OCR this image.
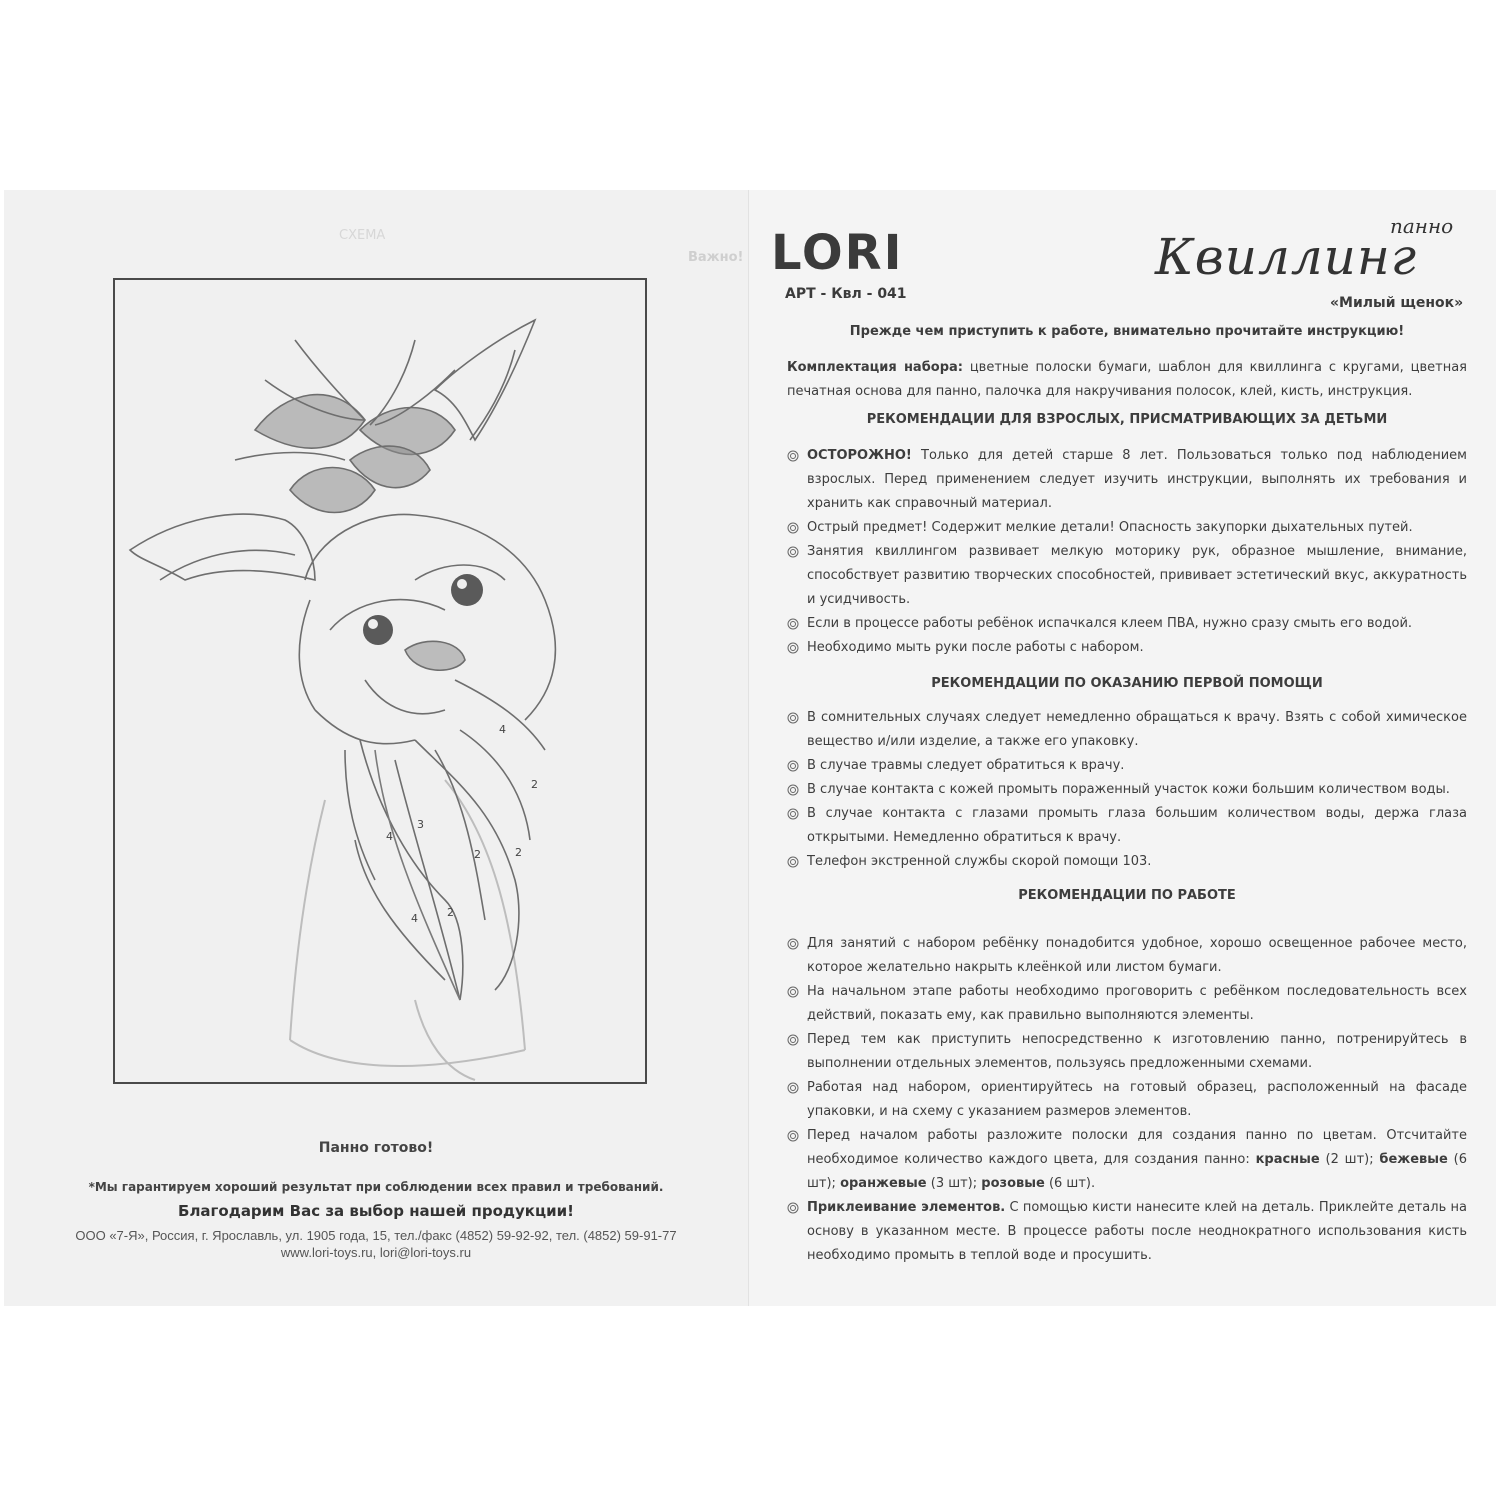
СХЕМА
Важно!
4
2
3
4
2	2
4	2
Панно готово!
*Мы гарантируем хороший результат при соблюдении всех правил и требований.
Благодарим Вас за выбор нашей продукции!
ООО «7-Я», Россия, г. Ярославль, ул. 1905 года, 15, тел./факс (4852) 59-92-92, тел. (4852) 59-91-77
www.lori-toys.ru, lori@lori-toys.ru
LORI
АРТ - Квл - 041
панно
Квиллинг
«Милый щенок»

Прежде чем приступить к работе, внимательно прочитайте инструкцию!

Комплектация набора: цветные полоски бумаги, шаблон для квиллинга с кругами, цветная печатная основа для панно, палочка для накручивания полосок, клей, кисть, инструкция.

РЕКОМЕНДАЦИИ ДЛЯ ВЗРОСЛЫХ, ПРИСМАТРИВАЮЩИХ ЗА ДЕТЬМИ

ОСТОРОЖНО! Только для детей старше 8 лет. Пользоваться только под наблюдением взрослых. Перед применением следует изучить инструкции, выполнять их требования и хранить как справочный материал.

Острый предмет! Содержит мелкие детали! Опасность закупорки дыхательных путей.

Занятия квиллингом развивает мелкую моторику рук, образное мышление, внимание, способствует развитию творческих способностей, прививает эстетический вкус, аккуратность и усидчивость.

Если в процессе работы ребёнок испачкался клеем ПВА, нужно сразу смыть его водой.

Необходимо мыть руки после работы с набором.

РЕКОМЕНДАЦИИ ПО ОКАЗАНИЮ ПЕРВОЙ ПОМОЩИ

В сомнительных случаях следует немедленно обращаться к врачу. Взять с собой химическое вещество и/или изделие, а также его упаковку.

В случае травмы следует обратиться к врачу.

В случае контакта с кожей промыть пораженный участок кожи большим количеством воды.

В случае контакта с глазами промыть глаза большим количеством воды, держа глаза открытыми. Немедленно обратиться к врачу.

Телефон экстренной службы скорой помощи 103.

РЕКОМЕНДАЦИИ ПО РАБОТЕ

Для занятий с набором ребёнку понадобится удобное, хорошо освещенное рабочее место, которое желательно накрыть клеёнкой или листом бумаги.

На начальном этапе работы необходимо проговорить с ребёнком последовательность всех действий, показать ему, как правильно выполняются элементы.

Перед тем как приступить непосредственно к изготовлению панно, потренируйтесь в выполнении отдельных элементов, пользуясь предложенными схемами.

Работая над набором, ориентируйтесь на готовый образец, расположенный на фасаде упаковки, и на схему с указанием размеров элементов.

Перед началом работы разложите полоски для создания панно по цветам. Отсчитайте необходимое количество каждого цвета, для создания панно: красные (2 шт); бежевые (6 шт); оранжевые (3 шт); розовые (6 шт).

Приклеивание элементов. С помощью кисти нанесите клей на деталь. Приклейте деталь на основу в указанном месте. В процессе работы после неоднократного использования кисть необходимо промыть в теплой воде и просушить.
